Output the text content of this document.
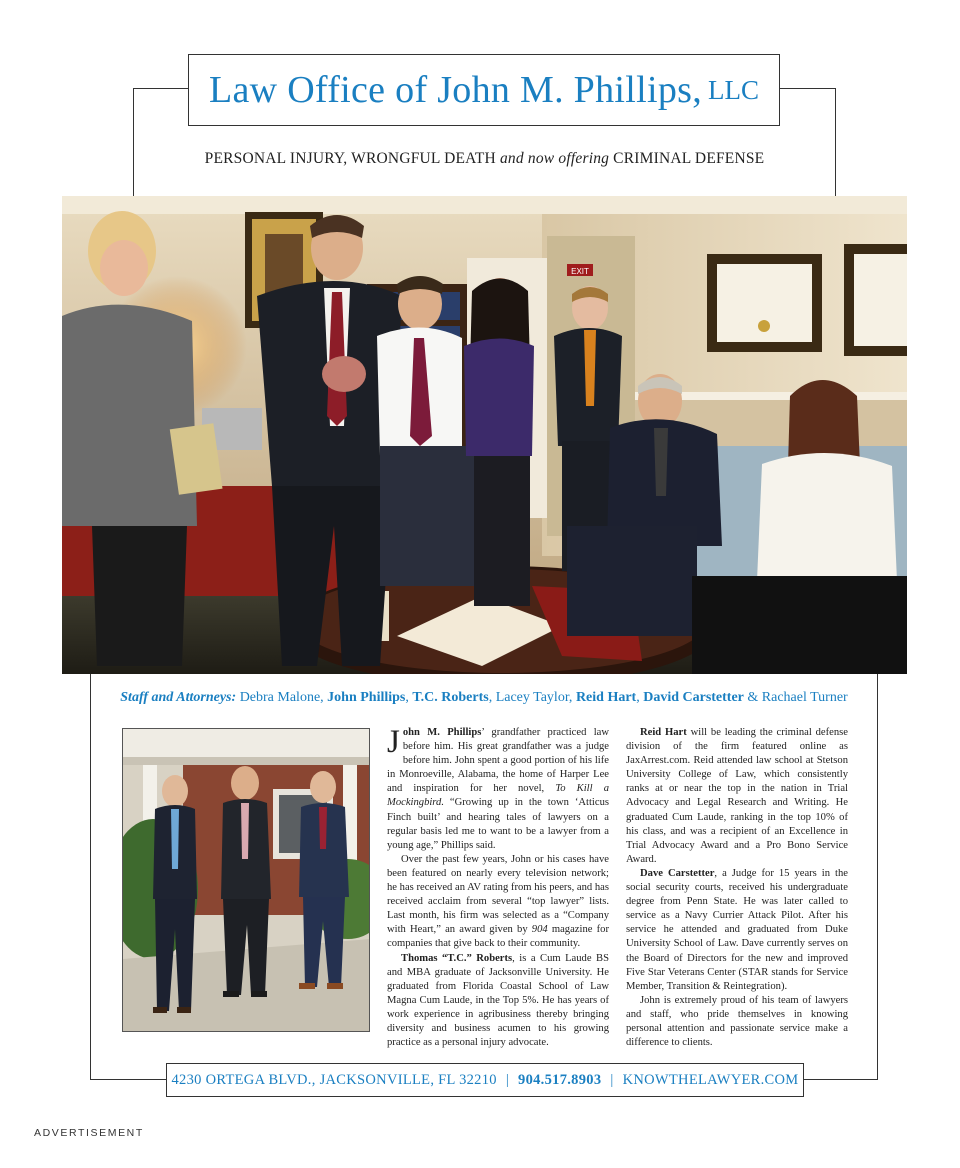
Law Office of John M. Phillips, LLC
PERSONAL INJURY, WRONGFUL DEATH and now offering CRIMINAL DEFENSE
EXIT
Staff and Attorneys: Debra Malone, John Phillips, T.C. Roberts, Lacey Taylor, Reid Hart, David Carstetter & Rachael Turner

John M. Phillips’ grandfather practiced law before him. His great grandfather was a judge before him. John spent a good portion of his life in Monroeville, Alabama, the home of Harper Lee and inspiration for her novel, To Kill a Mockingbird. “Growing up in the town ‘Atticus Finch built’ and hearing tales of lawyers on a regular basis led me to want to be a lawyer from a young age,” Phillips said.

Over the past few years, John or his cases have been featured on nearly every television network; he has received an AV rating from his peers, and has received acclaim from several “top lawyer” lists. Last month, his firm was selected as a “Company with Heart,” an award given by 904 magazine for companies that give back to their community.

Thomas “T.C.” Roberts, is a Cum Laude BS and MBA graduate of Jacksonville University. He graduated from Florida Coastal School of Law Magna Cum Laude, in the Top 5%. He has years of work experience in agribusiness thereby bringing diversity and business acumen to his growing practice as a personal injury advocate.

Reid Hart will be leading the criminal defense division of the firm featured online as JaxArrest.com. Reid attended law school at Stetson University College of Law, which consistently ranks at or near the top in the nation in Trial Advocacy and Legal Research and Writing. He graduated Cum Laude, ranking in the top 10% of his class, and was a recipient of an Excellence in Trial Advocacy Award and a Pro Bono Service Award.

Dave Carstetter, a Judge for 15 years in the social security courts, received his undergraduate degree from Penn State. He was later called to service as a Navy Currier Attack Pilot. After his service he attended and graduated from Duke University School of Law. Dave currently serves on the Board of Directors for the new and improved Five Star Veterans Center (STAR stands for Service Member, Transition & Reintegration).

John is extremely proud of his team of lawyers and staff, who pride themselves in knowing personal attention and passionate service make a difference to clients.

4230 ORTEGA BLVD., JACKSONVILLE, FL 32210 | 904.517.8903 | KNOWTHELAWYER.COM
ADVERTISEMENT
